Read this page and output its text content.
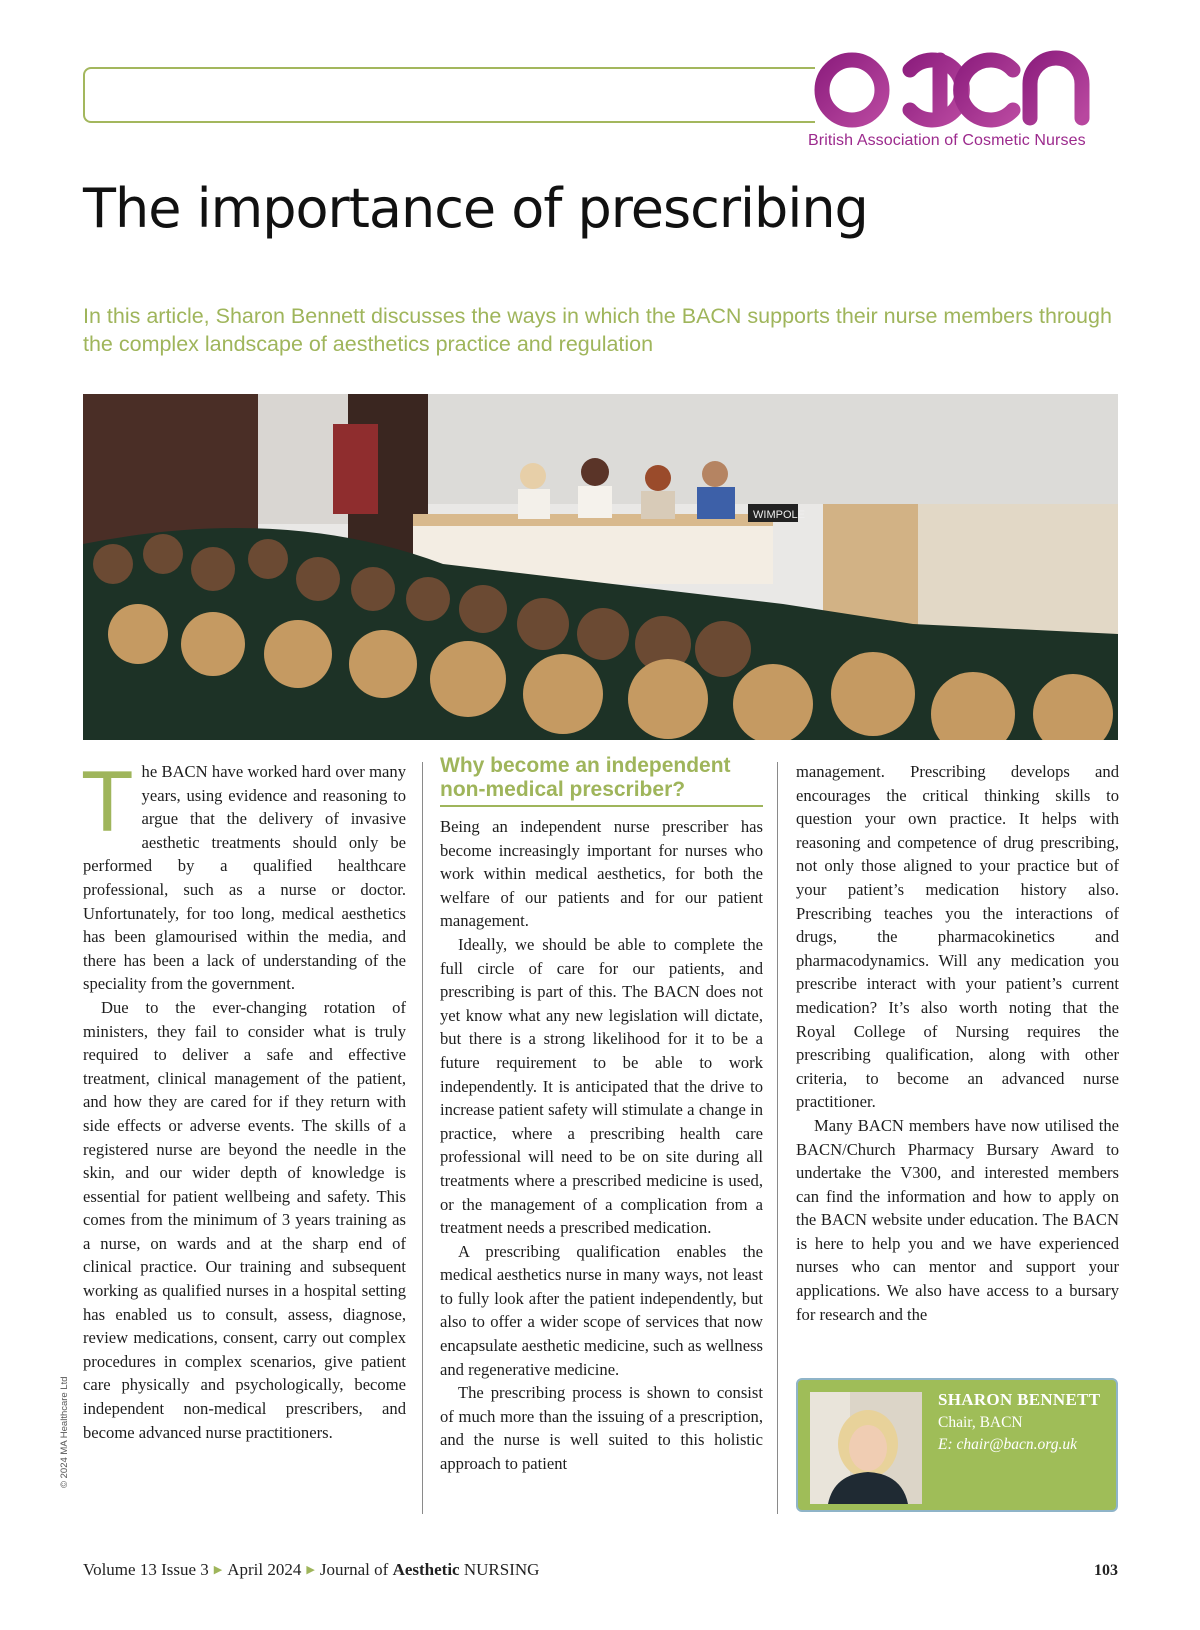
British Association of Cosmetic Nurses
The importance of prescribing
In this article, Sharon Bennett discusses the ways in which the BACN supports their nurse members through the complex landscape of aesthetics practice and regulation
WIMPOLE
T he BACN have worked hard over many years, using evidence and reasoning to argue that the delivery of invasive aesthetic treatments should only be performed by a qualified healthcare professional, such as a nurse or doctor. Unfortunately, for too long, medical aesthetics has been glamourised within the media, and there has been a lack of understanding of the speciality from the government.

Due to the ever-changing rotation of ministers, they fail to consider what is truly required to deliver a safe and effective treatment, clinical management of the patient, and how they are cared for if they return with side effects or adverse events. The skills of a registered nurse are beyond the needle in the skin, and our wider depth of knowledge is essential for patient wellbeing and safety. This comes from the minimum of 3 years training as a nurse, on wards and at the sharp end of clinical practice. Our training and subsequent working as qualified nurses in a hospital setting has enabled us to consult, assess, diagnose, review medications, consent, carry out complex procedures in complex scenarios, give patient care physically and psychologically, become independent non-medical prescribers, and become advanced nurse practitioners.

Why become an independent non-medical prescriber?

Being an independent nurse prescriber has become increasingly important for nurses who work within medical aesthetics, for both the welfare of our patients and for our patient management.

Ideally, we should be able to complete the full circle of care for our patients, and prescribing is part of this. The BACN does not yet know what any new legislation will dictate, but there is a strong likelihood for it to be a future requirement to be able to work independently. It is anticipated that the drive to increase patient safety will stimulate a change in practice, where a prescribing health care professional will need to be on site during all treatments where a prescribed medicine is used, or the management of a complication from a treatment needs a prescribed medication.

A prescribing qualification enables the medical aesthetics nurse in many ways, not least to fully look after the patient independently, but also to offer a wider scope of services that now encapsulate aesthetic medicine, such as wellness and regenerative medicine.

The prescribing process is shown to consist of much more than the issuing of a prescription, and the nurse is well suited to this holistic approach to patient

management. Prescribing develops and encourages the critical thinking skills to question your own practice. It helps with reasoning and competence of drug prescribing, not only those aligned to your practice but of your patient’s medication history also. Prescribing teaches you the interactions of drugs, the pharmacokinetics and pharmacodynamics. Will any medication you prescribe interact with your patient’s current medication? It’s also worth noting that the Royal College of Nursing requires the prescribing qualification, along with other criteria, to become an advanced nurse practitioner.

Many BACN members have now utilised the BACN/Church Pharmacy Bursary Award to undertake the V300, and interested members can find the information and how to apply on the BACN website under education. The BACN is here to help you and we have experienced nurses who can mentor and support your applications. We also have access to a bursary for research and the

SHARON BENNETT
Chair, BACN
E: chair@bacn.org.uk
© 2024 MA Healthcare Ltd
Volume 13 Issue 3 ▶ April 2024 ▶ Journal of Aesthetic NURSING	103
